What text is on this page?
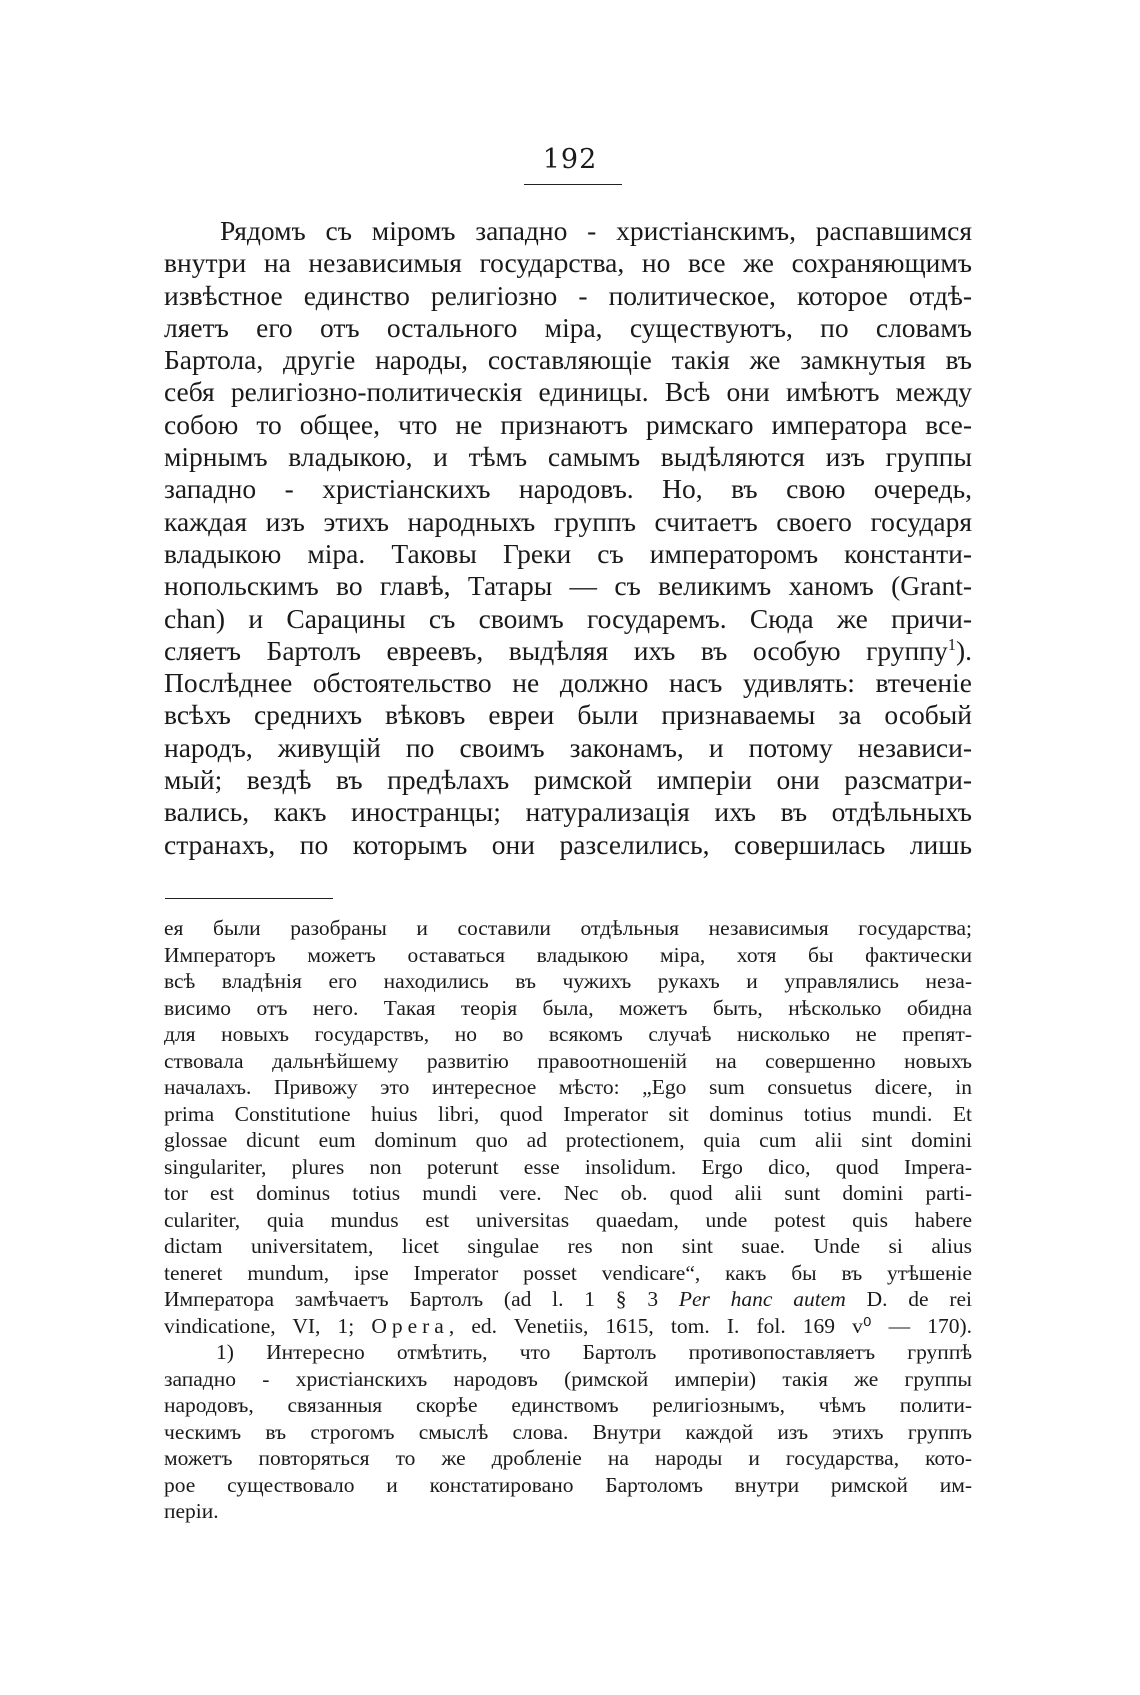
192
Рядомъ съ міромъ западно - христіанскимъ, распавшимся
внутри на независимыя государства, но все же сохраняющимъ
извѣстное единство религіозно - политическое, которое отдѣ-
ляетъ его отъ остального міра, существуютъ, по словамъ
Бартола, другіе народы, составляющіе такія же замкнутыя въ
себя религіозно-политическія единицы. Всѣ они имѣютъ между
собою то общее, что не признаютъ римскаго императора все-
мірнымъ владыкою, и тѣмъ самымъ выдѣляются изъ группы
западно - христіанскихъ народовъ. Но, въ свою очередь,
каждая изъ этихъ народныхъ группъ считаетъ своего государя
владыкою міра. Таковы Греки съ императоромъ константи-
нопольскимъ во главѣ, Татары — съ великимъ ханомъ (Grant-
chan) и Сарацины съ своимъ государемъ. Сюда же причи-
сляетъ Бартолъ евреевъ, выдѣляя ихъ въ особую группу$^1$).
Послѣднее обстоятельство не должно насъ удивлять: втеченіе
всѣхъ среднихъ вѣковъ евреи были признаваемы за особый
народъ, живущій по своимъ законамъ, и потому независи-
мый; вездѣ въ предѣлахъ римской имперіи они разсматри-
вались, какъ иностранцы; натурализація ихъ въ отдѣльныхъ
странахъ, по которымъ они разселились, совершилась лишь
ея были разобраны и составили отдѣльныя независимыя государства;
Императоръ можетъ оставаться владыкою міра, хотя бы фактически
всѣ владѣнія его находились въ чужихъ рукахъ и управлялись неза-
висимо отъ него. Такая теорія была, можетъ быть, нѣсколько обидна
для новыхъ государствъ, но во всякомъ случаѣ нисколько не препят-
ствовала дальнѣйшему развитію правоотношеній на совершенно новыхъ
началахъ. Привожу это интересное мѣсто: „Ego sum consuetus dicere, in
prima Constitutione huius libri, quod Imperator sit dominus totius mundi. Et
glossae dicunt eum dominum quo ad protectionem, quia cum alii sint domini
singulariter, plures non poterunt esse insolidum. Ergo dico, quod Impera-
tor est dominus totius mundi vere. Nec ob. quod alii sunt domini parti-
culariter, quia mundus est universitas quaedam, unde potest quis habere
dictam universitatem, licet singulae res non sint suae. Unde si alius
teneret mundum, ipse Imperator posset vendicare“, какъ бы въ утѣшеніе
Императора замѣчаетъ Бартолъ (ad l. 1 § 3 Per hanc autem D. de rei
vindicatione, VI, 1; Opera, ed. Venetiis, 1615, tom. I. fol. 169 v⁰ — 170).
1) Интересно отмѣтить, что Бартолъ противопоставляетъ группѣ
западно - христіанскихъ народовъ (римской имперіи) такія же группы
народовъ, связанныя скорѣе единствомъ религіознымъ, чѣмъ полити-
ческимъ въ строгомъ смыслѣ слова. Внутри каждой изъ этихъ группъ
можетъ повторяться то же дробленіе на народы и государства, кото-
рое существовало и констатировано Бартоломъ внутри римской им-
періи.
